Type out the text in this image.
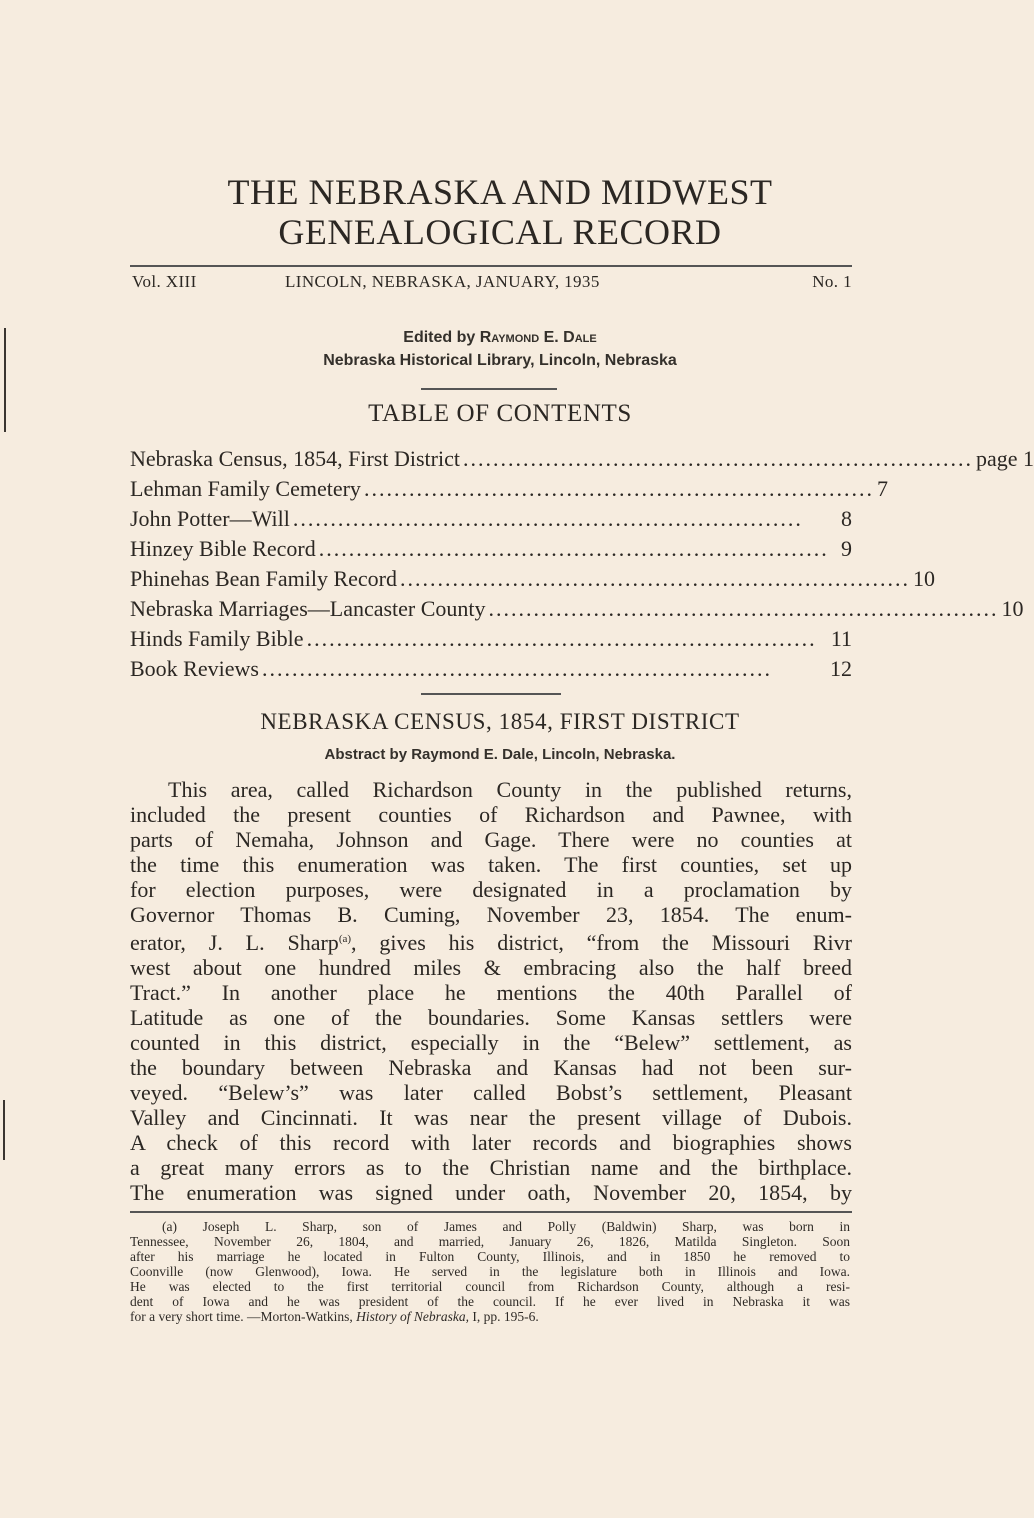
THE NEBRASKA AND MIDWEST
GENEALOGICAL RECORD
Vol. XIII	LINCOLN, NEBRASKA, JANUARY, 1935	No. 1
Edited by Raymond E. Dale
Nebraska Historical Library, Lincoln, Nebraska
TABLE OF CONTENTS
Nebraska Census, 1854, First District .................................................................... page 1
Lehman Family Cemetery .................................................................... 7
John Potter—Will ....................................................................	8
Hinzey Bible Record .................................................................... 9
Phinehas Bean Family Record .................................................................... 10
Nebraska Marriages—Lancaster County .................................................................... 10
Hinds Family Bible .................................................................... 11
Book Reviews ....................................................................	12
NEBRASKA CENSUS, 1854, FIRST DISTRICT
Abstract by Raymond E. Dale, Lincoln, Nebraska.
This area, called Richardson County in the published returns,
included the present counties of Richardson and Pawnee, with
parts of Nemaha, Johnson and Gage. There were no counties at
the time this enumeration was taken. The first counties, set up
for election purposes, were designated in a proclamation by
Governor Thomas B. Cuming, November 23, 1854. The enum-
erator, J. L. Sharp$^{(a)}$, gives his district, “from the Missouri Rivr
west about one hundred miles & embracing also the half breed
Tract.” In another place he mentions the 40th Parallel of
Latitude as one of the boundaries. Some Kansas settlers were
counted in this district, especially in the “Belew” settlement, as
the boundary between Nebraska and Kansas had not been sur-
veyed. “Belew’s” was later called Bobst’s settlement, Pleasant
Valley and Cincinnati. It was near the present village of Dubois.
A check of this record with later records and biographies shows
a great many errors as to the Christian name and the birthplace.
The enumeration was signed under oath, November 20, 1854, by
(a) Joseph L. Sharp, son of James and Polly (Baldwin) Sharp, was born in
Tennessee, November 26, 1804, and married, January 26, 1826, Matilda Singleton. Soon
after his marriage he located in Fulton County, Illinois, and in 1850 he removed to
Coonville (now Glenwood), Iowa. He served in the legislature both in Illinois and Iowa.
He was elected to the first territorial council from Richardson County, although a resi-
dent of Iowa and he was president of the council. If he ever lived in Nebraska it was
for a very short time. —Morton-Watkins, History of Nebraska, I, pp. 195-6.
